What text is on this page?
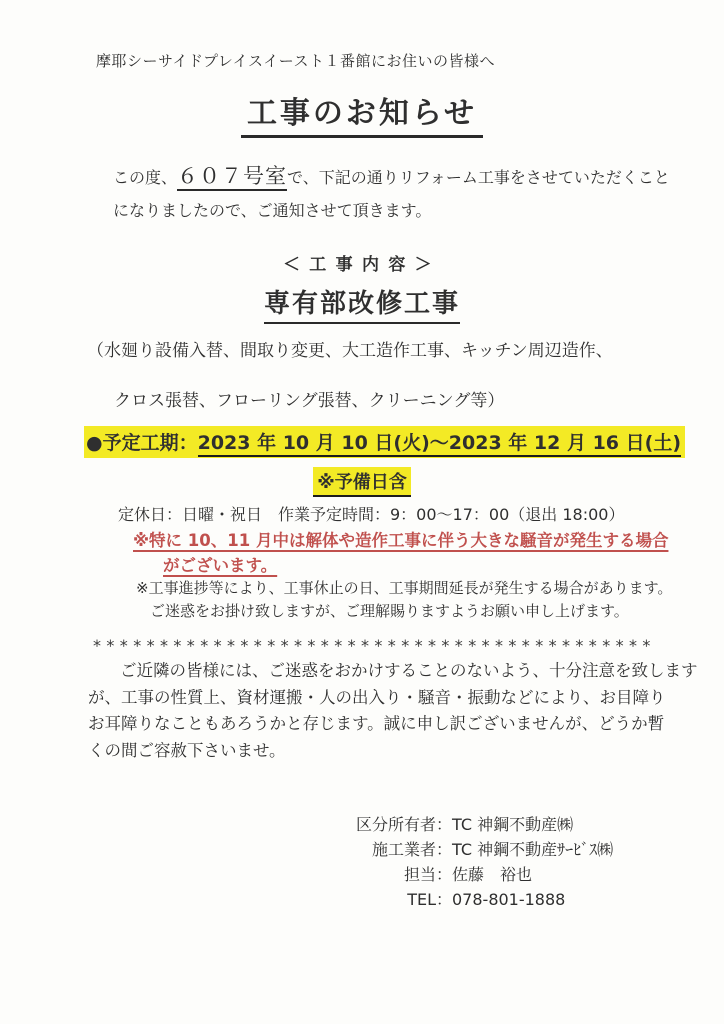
摩耶シーサイドプレイスイースト１番館にお住いの皆様へ
工事のお知らせ
この度、６０７号室で、下記の通りリフォーム工事をさせていただくこと
になりましたので、ご通知させて頂きます。
＜工事内容＞
専有部改修工事
（水廻り設備入替、間取り変更、大工造作工事、キッチン周辺造作、
クロス張替、フローリング張替、クリーニング等）
●予定工期：2023 年 10 月 10 日(火)～2023 年 12 月 16 日(土)
※予備日含
定休日：日曜・祝日　作業予定時間：9：00～17：00（退出 18:00）
※特に 10、11 月中は解体や造作工事に伴う大きな騒音が発生する場合
がございます。
※工事進捗等により、工事休止の日、工事期間延長が発生する場合があります。
ご迷惑をお掛け致しますが、ご理解賜りますようお願い申し上げます。
******************************************
ご近隣の皆様には、ご迷惑をおかけすることのないよう、十分注意を致します
が、工事の性質上、資材運搬・人の出入り・騒音・振動などにより、お目障り
お耳障りなこともあろうかと存じます。誠に申し訳ございませんが、どうか暫
くの間ご容赦下さいませ。
区分所有者： TC 神鋼不動産㈱
施工業者： TC 神鋼不動産ｻｰﾋﾞｽ㈱
担当： 佐藤　裕也
TEL： 078-801-1888
